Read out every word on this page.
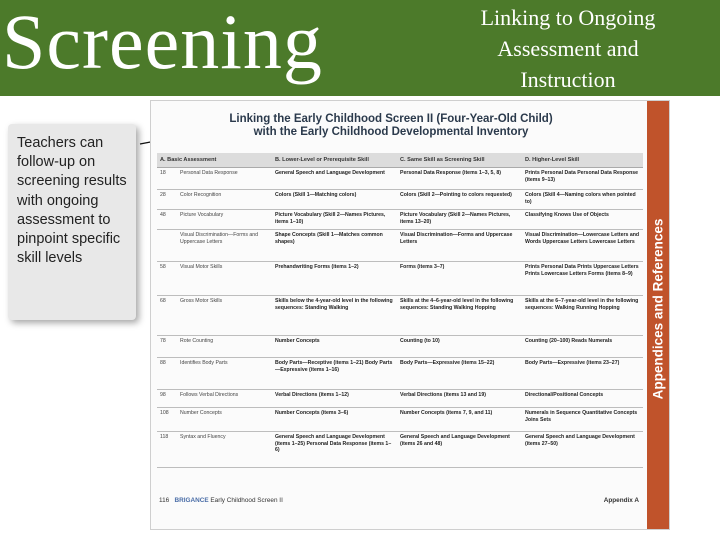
Screening	Linking to Ongoing
Assessment and
Instruction
Teachers can follow-up on screening results with ongoing assessment to pinpoint specific skill levels
Linking the Early Childhood Screen II (Four-Year-Old Child)
with the Early Childhood Developmental Inventory
A. Basic Assessment		B. Lower-Level or Prerequisite Skill	C. Same Skill as Screening Skill	D. Higher-Level Skill
18	Personal Data Response	General Speech and Language Development	Personal Data Response (items 1–3, 5, 8)	Prints Personal Data Personal Data Response (items 9–13)
28	Color Recognition	Colors (Skill 1—Matching colors)	Colors (Skill 2—Pointing to colors requested)	Colors (Skill 4—Naming colors when pointed to)
48	Picture Vocabulary	Picture Vocabulary (Skill 2—Names Pictures, items 1–10)	Picture Vocabulary (Skill 2—Names Pictures, items 13–20)	Classifying Knows Use of Objects
	Visual Discrimination—Forms and Uppercase Letters	Shape Concepts (Skill 1—Matches common shapes)	Visual Discrimination—Forms and Uppercase Letters	Visual Discrimination—Lowercase Letters and Words Uppercase Letters Lowercase Letters
58	Visual Motor Skills	Prehandwriting Forms (items 1–2)	Forms (items 3–7)	Prints Personal Data Prints Uppercase Letters Prints Lowercase Letters Forms (items 8–9)
68	Gross Motor Skills	Skills below the 4-year-old level in the following sequences: Standing Walking	Skills at the 4–6-year-old level in the following sequences: Standing Walking Hopping	Skills at the 6–7-year-old level in the following sequences: Walking Running Hopping
78	Rote Counting	Number Concepts	Counting (to 10)	Counting (20–100) Reads Numerals
88	Identifies Body Parts	Body Parts—Receptive (items 1–21) Body Parts—Expressive (items 1–16)	Body Parts—Expressive (items 15–22)	Body Parts—Expressive (items 23–27)
98	Follows Verbal Directions	Verbal Directions (items 1–12)	Verbal Directions (items 13 and 19)	Directional/Positional Concepts
108	Number Concepts	Number Concepts (items 3–6)	Number Concepts (items 7, 9, and 11)	Numerals in Sequence Quantitative Concepts Joins Sets
118	Syntax and Fluency	General Speech and Language Development (items 1–25) Personal Data Response (items 1–6)	General Speech and Language Development (items 26 and 48)	General Speech and Language Development (items 27–50)
116 BRIGANCE Early Childhood Screen II	Appendix A
Appendices and References
